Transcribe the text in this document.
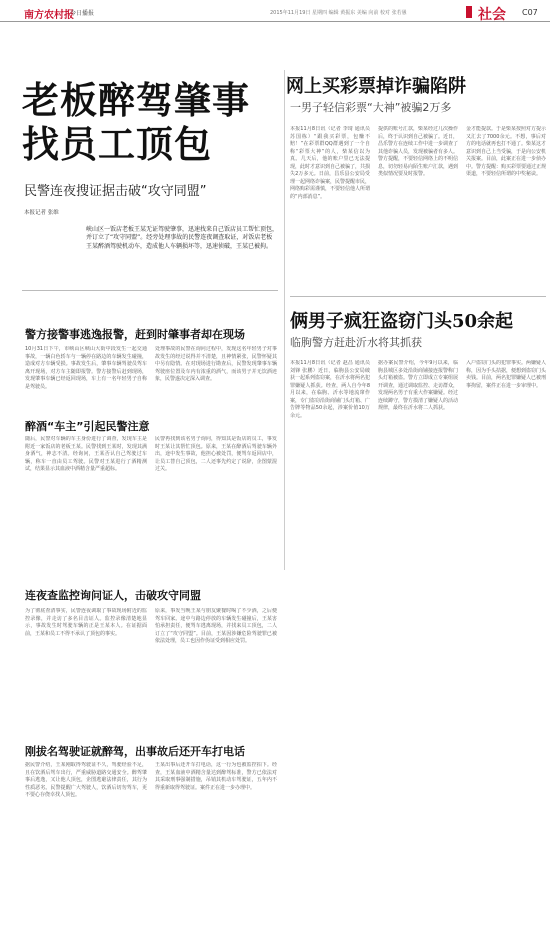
南方农村报
今日播报	2015年11月19日 星期四 编辑 黄振东 美编 向前 校对 张若愚	社会 C07
老板醉驾肇事
找员工顶包
民警连夜搜证据击破“攻守同盟”
本报记者 张维
峡山区一饭店老板王某无证驾驶肇事，迅速找来自己饭店员工帮忙顶包，并订立了“攻守同盟”。经旁处理事故的民警连夜调查取证，对饭店老板王某醉酒驾驶机动车，造成他人车辆损坏等，迅速侦破，王某已被拘。
警方接警事逃逸报警，赶到时肇事者却在现场
10月31日下午，市峡山区峡山大街中段发生一起交通事故，一辆白色轿车与一辆停在路边的车辆发生碰撞，造成对方车辆受损。事故发生后，肇事车辆驾驶员驾车离开现场，对方车主随即报警。警方接警后赶到现场，发现肇事车辆已经返回现场，车上有一名年轻男子自称是驾驶员。
处理事故的民警在询问过程中，发现这名年轻男子对事故发生的经过说得并不清楚，且神情紧张，民警怀疑其中另有隐情。在对现场进行勘查后，民警发现肇事车辆驾驶座位置及车内有浓重的酒气，而该男子并无饮酒迹象，民警遂决定深入调查。
醉酒“车主”引起民警注意
随后，民警对车辆的车主身份进行了调查，发现车主是附近一家饭店的老板王某。民警找到王某时，发现其满身酒气，神志不清。经询问，王某否认自己驾驶过车辆，称车一直由员工驾驶。民警对王某进行了酒精测试，结果显示其血液中酒精含量严重超标。
民警再找到该名男子询问，得知其是饭店的员工，事发时王某让其帮忙顶包。原来，王某在醉酒后驾驶车辆外出，途中发生事故，他担心被处罚，便驾车返回店中，让员工替自己顶包，二人还事先约定了说辞，企图蒙混过关。
连夜查监控询问证人，击破攻守同盟
为了彻底查清事实，民警连夜调取了事故现场附近的监控录像，并走访了多名目击证人。监控录像清楚地显示，事故发生时驾驶车辆的正是王某本人。在证据面前，王某和员工不得不承认了顶包的事实。
原来，事发当晚王某与朋友聚餐时喝了不少酒，之后便驾车回家。途中与路边停放的车辆发生碰撞后，王某害怕承担责任，便驾车逃离现场，并找来员工顶包，二人订立了“攻守同盟”。目前，王某因涉嫌危险驾驶罪已被依法处理，员工也因作伪证受到相应处罚。
刚拔名驾驶证就醉驾，出事故后还开车打电话
据民警介绍，王某刚取得驾驶证不久，驾驶经验不足，且在饮酒后驾车出行，严重威胁道路交通安全。醉驾肇事后逃逸，又让他人顶包，企图逃避法律责任，其行为性质恶劣。民警提醒广大驾驶人，饮酒后切勿驾车，更不要心存侥幸找人顶包。
王某出事后还开车打电话，这一行为也被监控拍下。经查，王某血液中酒精含量达到醉驾标准，警方已依法对其采取刑事强制措施，吊销其机动车驾驶证，五年内不得重新取得驾驶证。案件正在进一步办理中。
网上买彩票掉诈骗陷阱
一男子轻信彩票“大神”被骗2万多
本报11月8日讯（记者 李琦 通讯员 苏国栋）“跟我买彩票，包赚不赔！”在彩票群QQ群遇到了一个自称“彩票大神”的人，柴某信以为真。几天后，他的账户里已无法提现，此时才意识到自己被骗了，共损失2万多元。日前，昌乐县公安局受理一起网络诈骗案，民警提醒市民，网络购彩需谨慎，不要轻信他人所谓的“内部消息”。
提供的账号汇款，柴某经过几次操作后，终于认识到自己被骗了。近日，昌乐警方在连续工作中进一步调查了其他诈骗人员，发现被骗者有多人。警方提醒，不要轻信网络上的不明信息，切勿轻易向陌生账户汇款，遇到类似情况要及时报警。
金才能提款。于是柴某按照对方提示又汇去了7000余元。不想，事后对方的电话就再也打不通了。柴某这才意识到自己上当受骗，于是向公安机关报案。目前，此案正在进一步侦办中。警方提醒：购买彩票要通过正规渠道，不要轻信所谓的中奖秘诀。
俩男子疯狂盗窃门头50余起
临朐警方赶赴沂水将其抓获
本报11月8日讯（记者 赵昌 通讯员 刘锋 张鹏）近日，临朐县公安局破获一起系列盗窃案，在沂水将两名犯罪嫌疑人抓获。经查，两人自今年8月以来，在临朐、沂水等地流窜作案，专门盗窃沿街商铺门头灯箱、广告牌等物品50余起，涉案价值10万余元。
据办案民警介绍，今年9月以来，临朐县城区多处沿街商铺接连报警称门头灯箱被盗。警方立即成立专案组展开调查，通过调取监控、走访群众，发现两名男子有重大作案嫌疑。经过连续蹲守，警方摸清了嫌疑人的活动规律，最终在沂水将二人抓获。
入户盗窃门头的犯罪事实。两嫌疑人称，因为手头拮据，便想到盗窃门头卖钱。目前，两名犯罪嫌疑人已被刑事拘留，案件正在进一步审理中。
